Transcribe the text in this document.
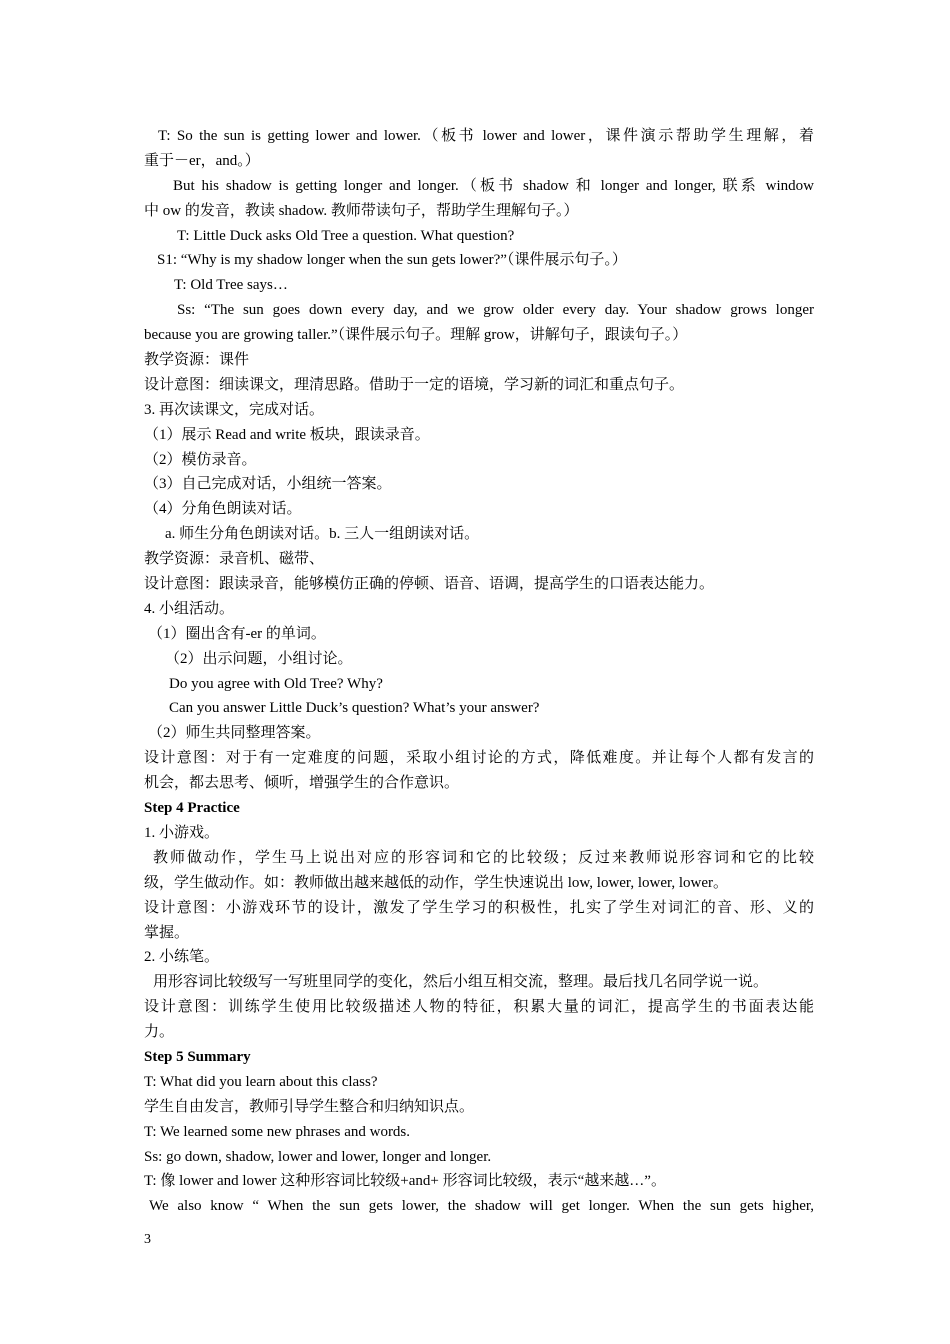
T: So the sun is getting lower and lower.（板书 lower and lower，课件演示帮助学生理解，着
重于－er，and。）
But his shadow is getting longer and longer.（板书 shadow 和 longer and longer, 联系 window
中 ow 的发音，教读 shadow. 教师带读句子，帮助学生理解句子。）
T: Little Duck asks Old Tree a question. What question?
S1: “Why is my shadow longer when the sun gets lower?”（课件展示句子。）
T: Old Tree says…
Ss: “The sun goes down every day, and we grow older every day. Your shadow grows longer
because you are growing taller.”（课件展示句子。理解 grow，讲解句子，跟读句子。）
教学资源：课件
设计意图：细读课文，理清思路。借助于一定的语境，学习新的词汇和重点句子。
3. 再次读课文，完成对话。
（1）展示 Read and write 板块，跟读录音。
（2）模仿录音。
（3）自己完成对话，小组统一答案。
（4）分角色朗读对话。
a. 师生分角色朗读对话。b. 三人一组朗读对话。
教学资源：录音机、磁带、
设计意图：跟读录音，能够模仿正确的停顿、语音、语调，提高学生的口语表达能力。
4. 小组活动。
（1）圈出含有-er 的单词。
（2）出示问题，小组讨论。
Do you agree with Old Tree? Why?
Can you answer Little Duck’s question? What’s your answer?
（2）师生共同整理答案。
设计意图：对于有一定难度的问题，采取小组讨论的方式，降低难度。并让每个人都有发言的
机会，都去思考、倾听，增强学生的合作意识。
Step 4 Practice
1. 小游戏。
教师做动作，学生马上说出对应的形容词和它的比较级；反过来教师说形容词和它的比较
级，学生做动作。如：教师做出越来越低的动作，学生快速说出 low, lower, lower, lower。
设计意图：小游戏环节的设计，激发了学生学习的积极性，扎实了学生对词汇的音、形、义的
掌握。
2. 小练笔。
用形容词比较级写一写班里同学的变化，然后小组互相交流，整理。最后找几名同学说一说。
设计意图：训练学生使用比较级描述人物的特征，积累大量的词汇，提高学生的书面表达能
力。
Step 5 Summary
T: What did you learn about this class?
学生自由发言，教师引导学生整合和归纳知识点。
T: We learned some new phrases and words.
Ss: go down, shadow, lower and lower, longer and longer.
T: 像 lower and lower 这种形容词比较级+and+ 形容词比较级，表示“越来越…”。
We also know “ When the sun gets lower, the shadow will get longer. When the sun gets higher,
3
